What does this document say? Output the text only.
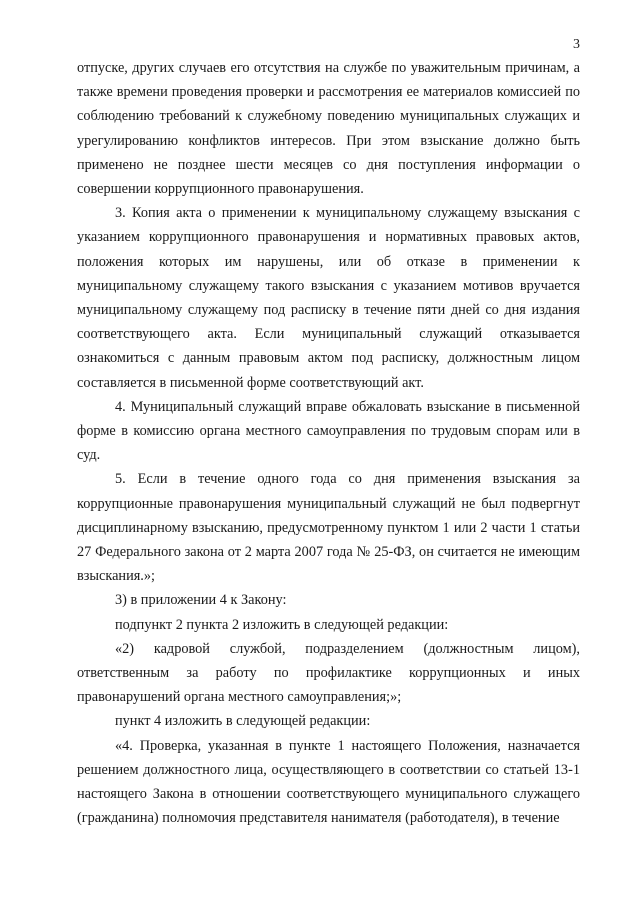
3

отпуске, других случаев его отсутствия на службе по уважительным причинам, а также времени проведения проверки и рассмотрения ее материалов комиссией по соблюдению требований к служебному поведению муниципальных служащих и урегулированию конфликтов интересов. При этом взыскание должно быть применено не позднее шести месяцев со дня поступления информации о совершении коррупционного правонарушения.

3. Копия акта о применении к муниципальному служащему взыскания с указанием коррупционного правонарушения и нормативных правовых актов, положения которых им нарушены, или об отказе в применении к муниципальному служащему такого взыскания с указанием мотивов вручается муниципальному служащему под расписку в течение пяти дней со дня издания соответствующего акта. Если муниципальный служащий отказывается ознакомиться с данным правовым актом под расписку, должностным лицом составляется в письменной форме соответствующий акт.

4. Муниципальный служащий вправе обжаловать взыскание в письменной форме в комиссию органа местного самоуправления по трудовым спорам или в суд.

5. Если в течение одного года со дня применения взыскания за коррупционные правонарушения муниципальный служащий не был подвергнут дисциплинарному взысканию, предусмотренному пунктом 1 или 2 части 1 статьи 27 Федерального закона от 2 марта 2007 года № 25-ФЗ, он считается не имеющим взыскания.»;

3) в приложении 4 к Закону:

подпункт 2 пункта 2 изложить в следующей редакции:

«2) кадровой службой, подразделением (должностным лицом), ответственным за работу по профилактике коррупционных и иных правонарушений органа местного самоуправления;»;

пункт 4 изложить в следующей редакции:

«4. Проверка, указанная в пункте 1 настоящего Положения, назначается решением должностного лица, осуществляющего в соответствии со статьей 13-1 настоящего Закона в отношении соответствующего муниципального служащего (гражданина) полномочия представителя нанимателя (работодателя), в течение
